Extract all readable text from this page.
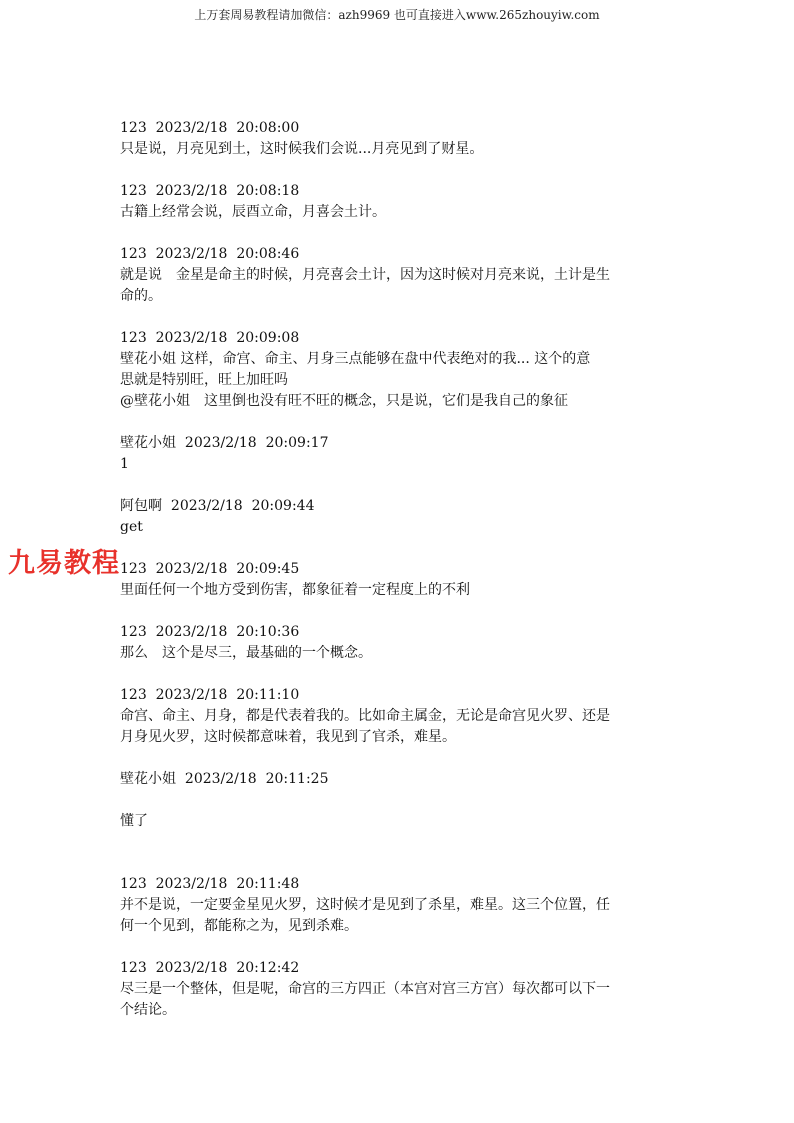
上万套周易教程请加微信：azh9969 也可直接进入www.265zhouyiw.com
123 2023/2/18 20:08:00

只是说，月亮见到土，这时候我们会说...月亮见到了财星。

123 2023/2/18 20:08:18

古籍上经常会说，辰酉立命，月喜会土计。

123 2023/2/18 20:08:46

就是说　金星是命主的时候，月亮喜会土计，因为这时候对月亮来说，土计是生

命的。

123 2023/2/18 20:09:08

壁花小姐 这样，命宫、命主、月身三点能够在盘中代表绝对的我... 这个的意

思就是特别旺，旺上加旺吗

@壁花小姐　这里倒也没有旺不旺的概念，只是说，它们是我自己的象征

壁花小姐 2023/2/18 20:09:17

1

阿包啊 2023/2/18 20:09:44

get

123 2023/2/18 20:09:45

里面任何一个地方受到伤害，都象征着一定程度上的不利

123 2023/2/18 20:10:36

那么　这个是尽三，最基础的一个概念。

123 2023/2/18 20:11:10

命宫、命主、月身，都是代表着我的。比如命主属金，无论是命宫见火罗、还是

月身见火罗，这时候都意味着，我见到了官杀，难星。

壁花小姐 2023/2/18 20:11:25

懂了

123 2023/2/18 20:11:48

并不是说，一定要金星见火罗，这时候才是见到了杀星，难星。这三个位置，任

何一个见到，都能称之为，见到杀难。

123 2023/2/18 20:12:42

尽三是一个整体，但是呢，命宫的三方四正（本宫对宫三方宫）每次都可以下一

个结论。

九易教程
